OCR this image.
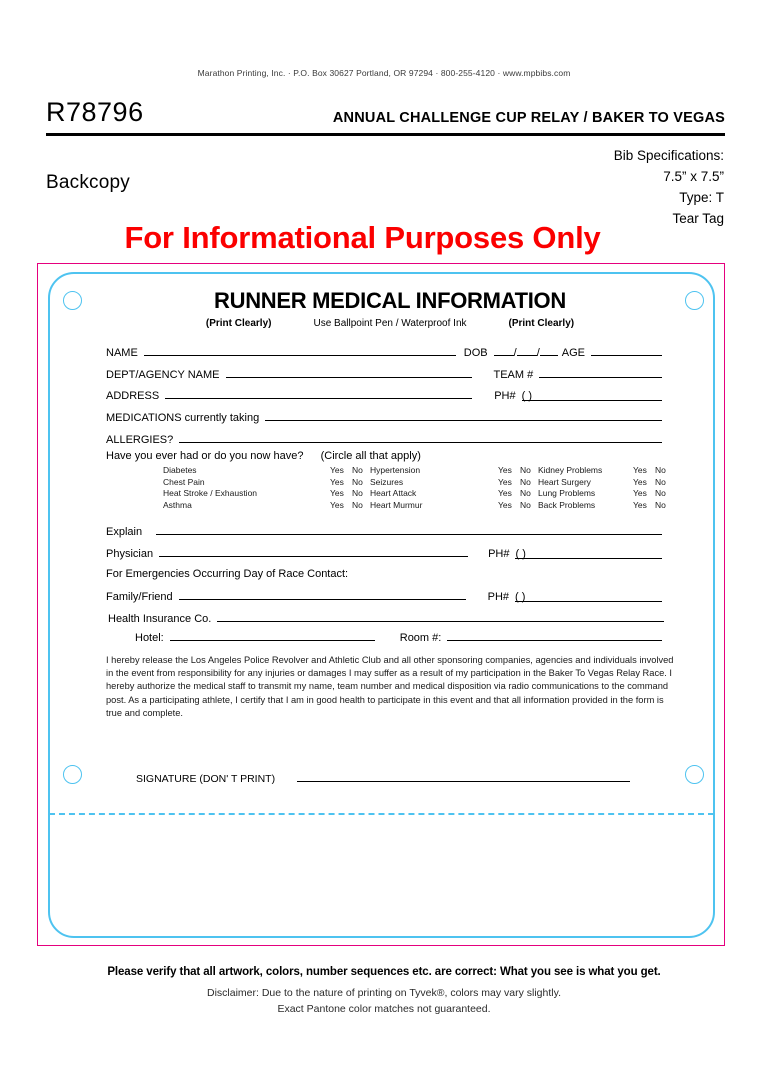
Marathon Printing, Inc. · P.O. Box 30627 Portland, OR 97294 · 800-255-4120 · www.mpbibs.com
R78796	ANNUAL CHALLENGE CUP RELAY / BAKER TO VEGAS
Bib Specifications:
7.5” x 7.5”
Type: T
Tear Tag
Backcopy
For Informational Purposes Only
RUNNER MEDICAL INFORMATION
(Print Clearly)	Use Ballpoint Pen / Waterproof Ink	(Print Clearly)
NAME	DOB / / AGE
DEPT/AGENCY NAME	TEAM #
ADDRESS	PH# ( )
MEDICATIONS currently taking
ALLERGIES?
Have you ever had or do you now have? (Circle all that apply)
Diabetes	Yes No Hypertension	Yes No Kidney Problems	Yes No
Chest Pain	Yes No Seizures	Yes No Heart Surgery	Yes No
Heat Stroke / Exhaustion	Yes No Heart Attack	Yes No Lung Problems	Yes No
Asthma	Yes No Heart Murmur	Yes No Back Problems	Yes No
Explain
Physician	PH# ( )
For Emergencies Occurring Day of Race Contact:
Family/Friend	PH# ( )
Health Insurance Co.
Hotel:	Room #:
I hereby release the Los Angeles Police Revolver and Athletic Club and all other sponsoring companies, agencies and individuals involved in the event from responsibility for any injuries or damages I may suffer as a result of my participation in the Baker To Vegas Relay Race. I hereby authorize the medical staff to transmit my name, team number and medical disposition via radio communications to the command post. As a participating athlete, I certify that I am in good health to participate in this event and that all information provided in the form is true and complete.
SIGNATURE (DON' T PRINT)
Please verify that all artwork, colors, number sequences etc. are correct: What you see is what you get.
Disclaimer: Due to the nature of printing on Tyvek®, colors may vary slightly.
Exact Pantone color matches not guaranteed.
